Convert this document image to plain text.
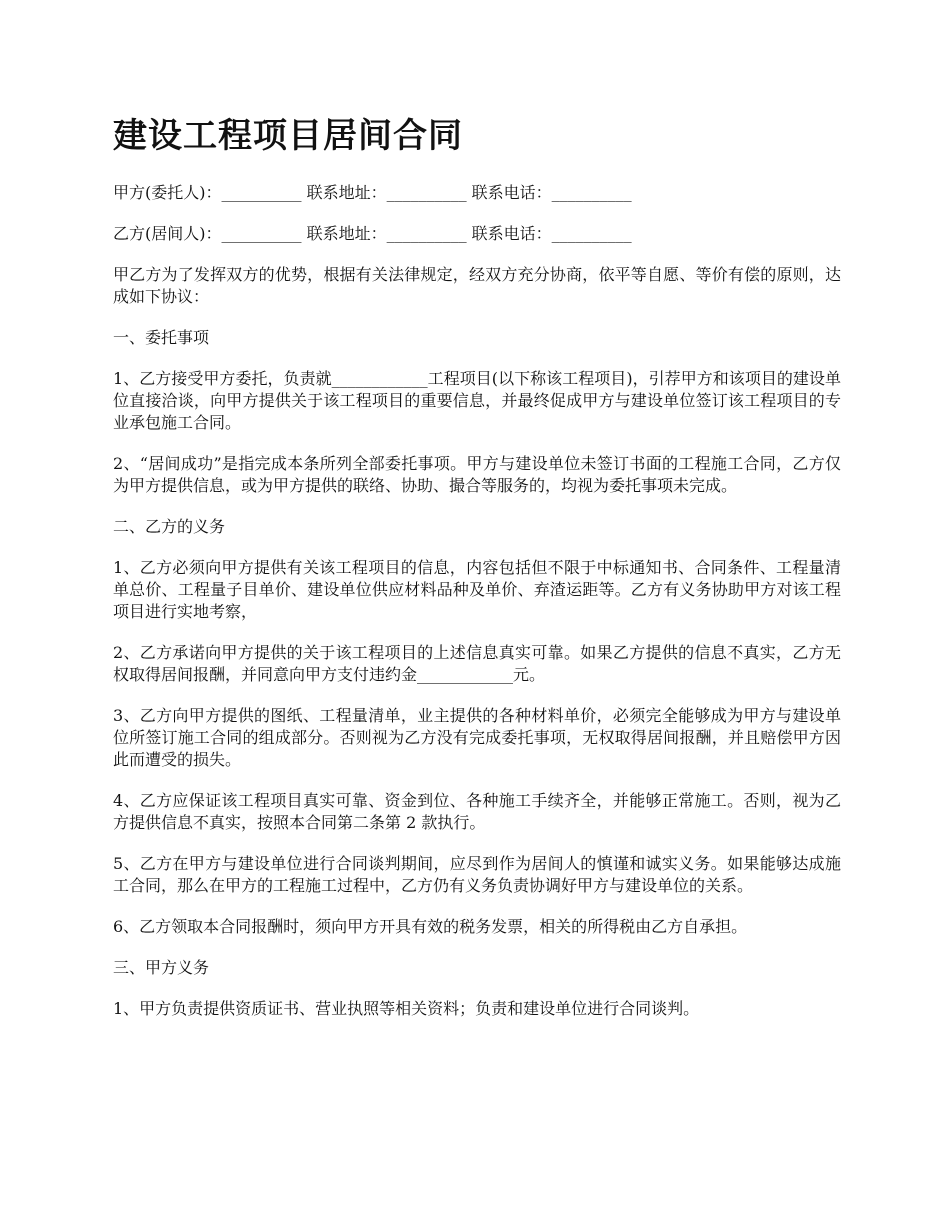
建设工程项目居间合同
甲方(委托人)：__________ 联系地址：__________ 联系电话：__________
乙方(居间人)：__________ 联系地址：__________ 联系电话：__________
甲乙方为了发挥双方的优势，根据有关法律规定，经双方充分协商，依平等自愿、等价有偿的原则，达成如下协议：
一、委托事项
1、乙方接受甲方委托，负责就____________工程项目(以下称该工程项目)，引荐甲方和该项目的建设单位直接洽谈，向甲方提供关于该工程项目的重要信息，并最终促成甲方与建设单位签订该工程项目的专业承包施工合同。
2、“居间成功”是指完成本条所列全部委托事项。甲方与建设单位未签订书面的工程施工合同，乙方仅为甲方提供信息，或为甲方提供的联络、协助、撮合等服务的，均视为委托事项未完成。
二、乙方的义务
1、乙方必须向甲方提供有关该工程项目的信息，内容包括但不限于中标通知书、合同条件、工程量清单总价、工程量子目单价、建设单位供应材料品种及单价、弃渣运距等。乙方有义务协助甲方对该工程项目进行实地考察，
2、乙方承诺向甲方提供的关于该工程项目的上述信息真实可靠。如果乙方提供的信息不真实，乙方无权取得居间报酬，并同意向甲方支付违约金____________元。
3、乙方向甲方提供的图纸、工程量清单，业主提供的各种材料单价，必须完全能够成为甲方与建设单位所签订施工合同的组成部分。否则视为乙方没有完成委托事项，无权取得居间报酬，并且赔偿甲方因此而遭受的损失。
4、乙方应保证该工程项目真实可靠、资金到位、各种施工手续齐全，并能够正常施工。否则，视为乙方提供信息不真实，按照本合同第二条第 2 款执行。
5、乙方在甲方与建设单位进行合同谈判期间，应尽到作为居间人的慎谨和诚实义务。如果能够达成施工合同，那么在甲方的工程施工过程中，乙方仍有义务负责协调好甲方与建设单位的关系。
6、乙方领取本合同报酬时，须向甲方开具有效的税务发票，相关的所得税由乙方自承担。
三、甲方义务
1、甲方负责提供资质证书、营业执照等相关资料；负责和建设单位进行合同谈判。
